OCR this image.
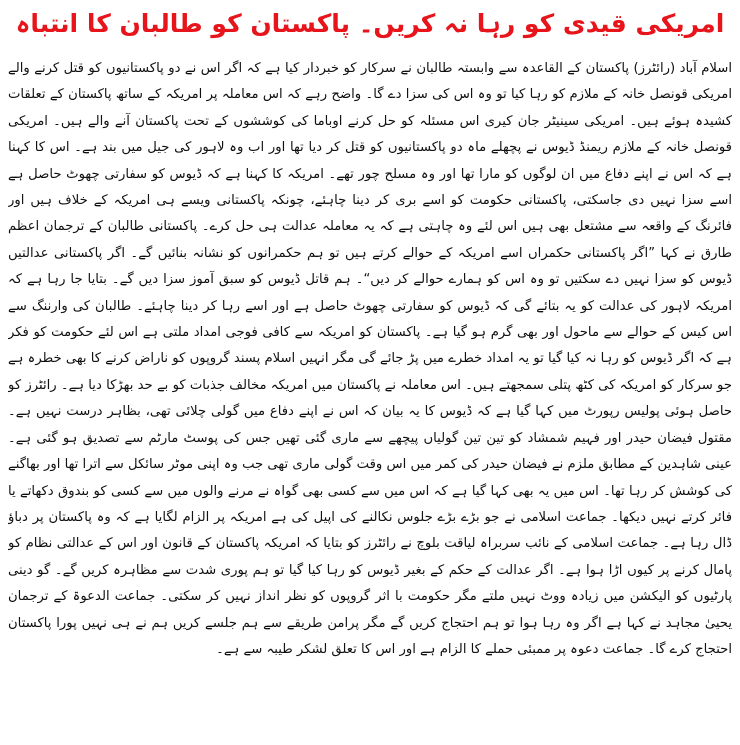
امریکی قیدی کو رہا نہ کریں۔ پاکستان کو طالبان کا انتباہ

اسلام آباد (رائٹرز) پاکستان کے القاعدہ سے وابستہ طالبان نے سرکار کو خبردار کیا ہے کہ اگر اس نے دو پاکستانیوں کو قتل کرنے والے امریکی قونصل خانہ کے ملازم کو رہا کیا تو وہ اس کی سزا دے گا۔ واضح رہے کہ اس معاملہ پر امریکہ کے ساتھ پاکستان کے تعلقات کشیدہ ہوئے ہیں۔ امریکی سینیٹر جان کیری اس مسئلہ کو حل کرنے اوباما کی کوششوں کے تحت پاکستان آنے والے ہیں۔ امریکی قونصل خانہ کے ملازم ریمنڈ ڈیوس نے پچھلے ماہ دو پاکستانیوں کو قتل کر دیا تھا اور اب وہ لاہور کی جیل میں بند ہے۔ اس کا کہنا ہے کہ اس نے اپنے دفاع میں ان لوگوں کو مارا تھا اور وہ مسلح چور تھے۔ امریکہ کا کہنا ہے کہ ڈیوس کو سفارتی چھوٹ حاصل ہے اسے سزا نہیں دی جاسکتی، پاکستانی حکومت کو اسے بری کر دینا چاہئے، چونکہ پاکستانی ویسے ہی امریکہ کے خلاف ہیں اور فائرنگ کے واقعہ سے مشتعل بھی ہیں اس لئے وہ چاہتی ہے کہ یہ معاملہ عدالت ہی حل کرے۔ پاکستانی طالبان کے ترجمان اعظم طارق نے کہا ”اگر پاکستانی حکمراں اسے امریکہ کے حوالے کرتے ہیں تو ہم حکمرانوں کو نشانہ بنائیں گے۔ اگر پاکستانی عدالتیں ڈیوس کو سزا نہیں دے سکتیں تو وہ اس کو ہمارے حوالے کر دیں“۔ ہم قاتل ڈیوس کو سبق آموز سزا دیں گے۔ بتایا جا رہا ہے کہ امریکہ لاہور کی عدالت کو یہ بتائے گی کہ ڈیوس کو سفارتی چھوٹ حاصل ہے اور اسے رہا کر دینا چاہئے۔ طالبان کی وارننگ سے اس کیس کے حوالے سے ماحول اور بھی گرم ہو گیا ہے۔ پاکستان کو امریکہ سے کافی فوجی امداد ملتی ہے اس لئے حکومت کو فکر ہے کہ اگر ڈیوس کو رہا نہ کیا گیا تو یہ امداد خطرے میں پڑ جائے گی مگر انہیں اسلام پسند گروپوں کو ناراض کرنے کا بھی خطرہ ہے جو سرکار کو امریکہ کی کٹھ پتلی سمجھتے ہیں۔ اس معاملہ نے پاکستان میں امریکہ مخالف جذبات کو بے حد بھڑکا دیا ہے۔ رائٹرز کو حاصل ہوئی پولیس رپورٹ میں کہا گیا ہے کہ ڈیوس کا یہ بیان کہ اس نے اپنے دفاع میں گولی چلائی تھی، بظاہر درست نہیں ہے۔ مقتول فیضان حیدر اور فہیم شمشاد کو تین تین گولیاں پیچھے سے ماری گئی تھیں جس کی پوسٹ مارٹم سے تصدیق ہو گئی ہے۔ عینی شاہدین کے مطابق ملزم نے فیضان حیدر کی کمر میں اس وقت گولی ماری تھی جب وہ اپنی موٹر سائکل سے اترا تھا اور بھاگنے کی کوشش کر رہا تھا۔ اس میں یہ بھی کہا گیا ہے کہ اس میں سے کسی بھی گواہ نے مرنے والوں میں سے کسی کو بندوق دکھاتے یا فائر کرتے نہیں دیکھا۔ جماعت اسلامی نے جو بڑے بڑے جلوس نکالنے کی اپیل کی ہے امریکہ پر الزام لگایا ہے کہ وہ پاکستان پر دباؤ ڈال رہا ہے۔ جماعت اسلامی کے نائب سربراہ لیاقت بلوچ نے رائٹرز کو بتایا کہ امریکہ پاکستان کے قانون اور اس کے عدالتی نظام کو پامال کرنے پر کیوں اڑا ہوا ہے۔ اگر عدالت کے حکم کے بغیر ڈیوس کو رہا کیا گیا تو ہم پوری شدت سے مظاہرہ کریں گے۔ گو دینی پارٹیوں کو الیکشن میں زیادہ ووٹ نہیں ملتے مگر حکومت با اثر گروپوں کو نظر انداز نہیں کر سکتی۔ جماعت الدعوۃ کے ترجمان یحییٰ مجاہد نے کہا ہے اگر وہ رہا ہوا تو ہم احتجاج کریں گے مگر پرامن طریقے سے ہم جلسے کریں ہم نے ہی نہیں پورا پاکستان احتجاج کرے گا۔ جماعت دعوہ پر ممبئی حملے کا الزام ہے اور اس کا تعلق لشکر طیبہ سے ہے۔
